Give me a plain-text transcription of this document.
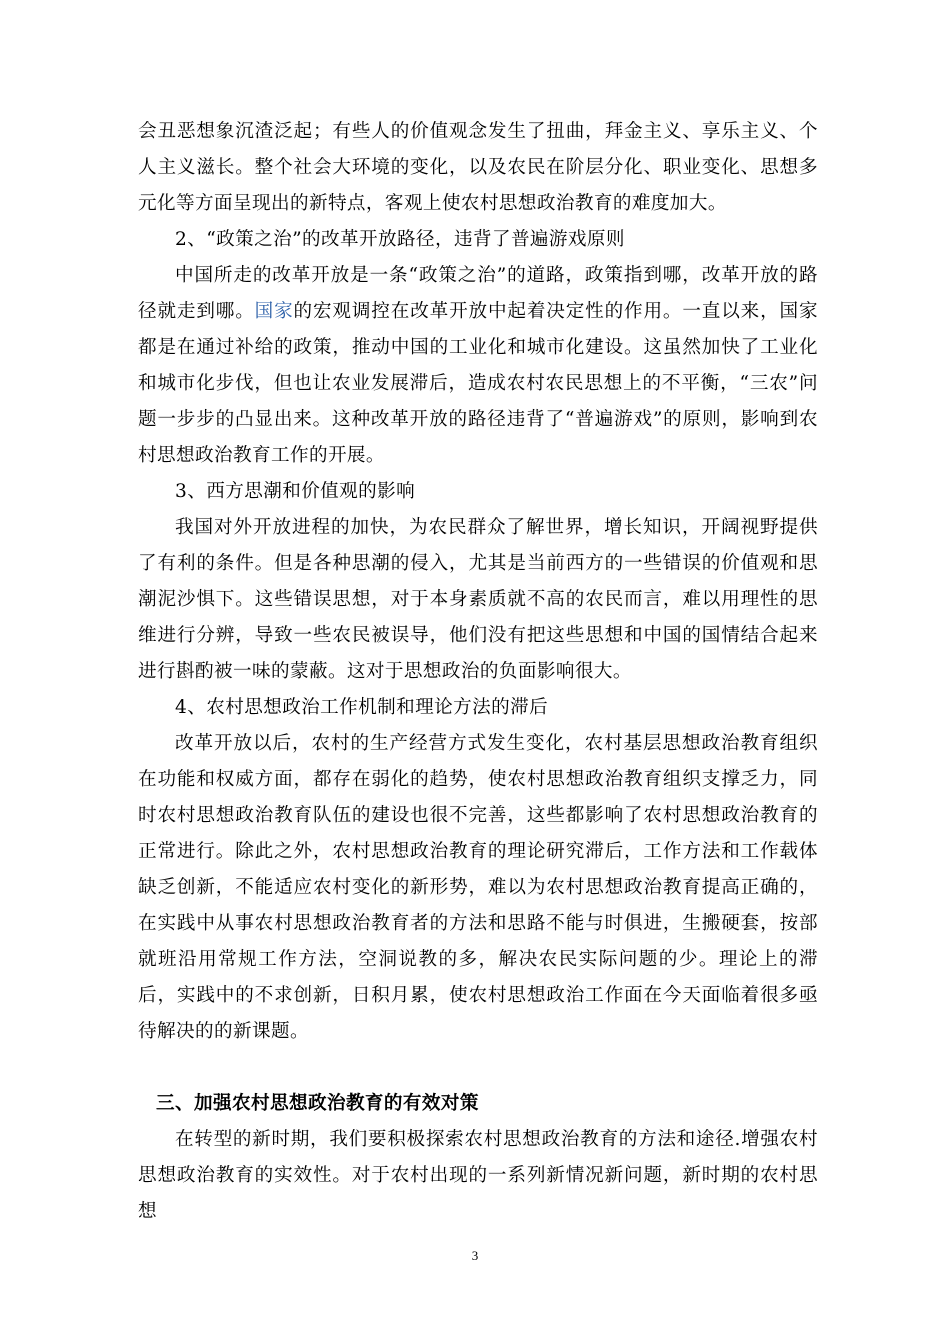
会丑恶想象沉渣泛起；有些人的价值观念发生了扭曲，拜金主义、享乐主义、个人主义滋长。整个社会大环境的变化，以及农民在阶层分化、职业变化、思想多元化等方面呈现出的新特点，客观上使农村思想政治教育的难度加大。

2、“政策之治”的改革开放路径，违背了普遍游戏原则

中国所走的改革开放是一条“政策之治”的道路，政策指到哪，改革开放的路径就走到哪。国家的宏观调控在改革开放中起着决定性的作用。一直以来，国家都是在通过补给的政策，推动中国的工业化和城市化建设。这虽然加快了工业化和城市化步伐，但也让农业发展滞后，造成农村农民思想上的不平衡，“三农”问题一步步的凸显出来。这种改革开放的路径违背了“普遍游戏”的原则，影响到农村思想政治教育工作的开展。

3、西方思潮和价值观的影响

我国对外开放进程的加快，为农民群众了解世界，增长知识，开阔视野提供了有利的条件。但是各种思潮的侵入，尤其是当前西方的一些错误的价值观和思潮泥沙惧下。这些错误思想，对于本身素质就不高的农民而言，难以用理性的思维进行分辨，导致一些农民被误导，他们没有把这些思想和中国的国情结合起来进行斟酌被一味的蒙蔽。这对于思想政治的负面影响很大。

4、农村思想政治工作机制和理论方法的滞后

改革开放以后，农村的生产经营方式发生变化，农村基层思想政治教育组织在功能和权威方面，都存在弱化的趋势，使农村思想政治教育组织支撑乏力，同时农村思想政治教育队伍的建设也很不完善，这些都影响了农村思想政治教育的正常进行。除此之外，农村思想政治教育的理论研究滞后，工作方法和工作载体缺乏创新，不能适应农村变化的新形势，难以为农村思想政治教育提高正确的，在实践中从事农村思想政治教育者的方法和思路不能与时俱进，生搬硬套，按部就班沿用常规工作方法，空洞说教的多，解决农民实际问题的少。理论上的滞后，实践中的不求创新，日积月累，使农村思想政治工作面在今天面临着很多亟待解决的的新课题。

三、加强农村思想政治教育的有效对策

在转型的新时期，我们要积极探索农村思想政治教育的方法和途径.增强农村思想政治教育的实效性。对于农村出现的一系列新情况新问题，新时期的农村思想

3
